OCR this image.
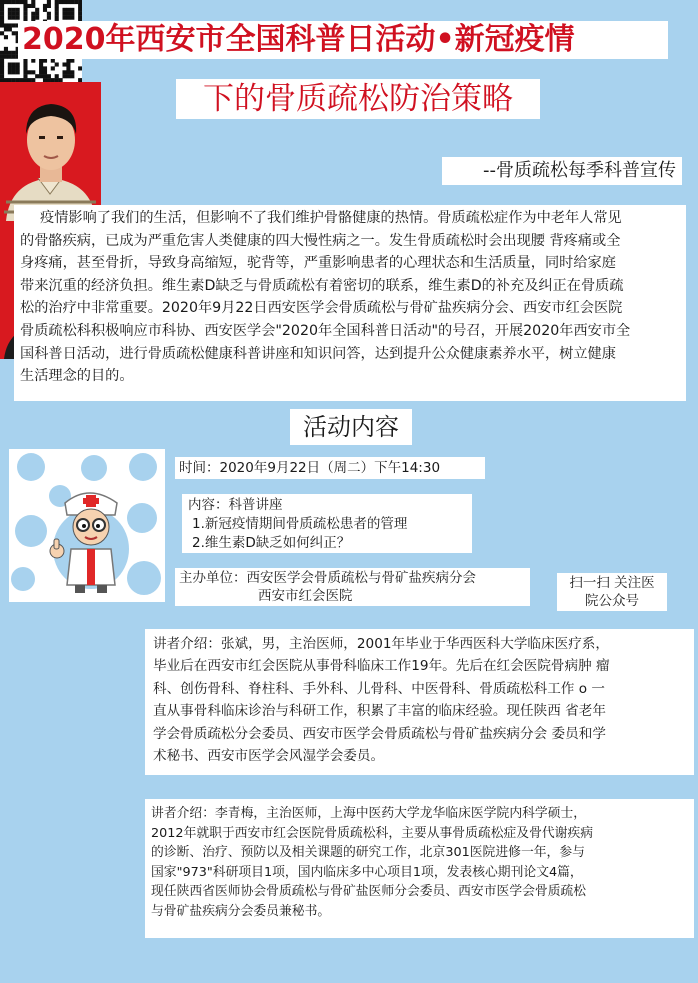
2020年西安市全国科普日活动•新冠疫情
下的骨质疏松防治策略
--骨质疏松每季科普宣传
疫情影响了我们的生活，但影响不了我们维护骨骼健康的热情。骨质疏松症作为中老年人常见
的骨骼疾病，已成为严重危害人类健康的四大慢性病之一。发生骨质疏松时会出现腰 背疼痛或全
身疼痛，甚至骨折，导致身高缩短，驼背等，严重影响患者的心理状态和生活质量，同时给家庭
带来沉重的经济负担。维生素D缺乏与骨质疏松有着密切的联系，维生素D的补充及纠正在骨质疏
松的治疗中非常重要。2020年9月22日西安医学会骨质疏松与骨矿盐疾病分会、西安市红会医院
骨质疏松科积极响应市科协、西安医学会"2020年全国科普日活动"的号召，开展2020年西安市全
国科普日活动，进行骨质疏松健康科普讲座和知识问答，达到提升公众健康素养水平，树立健康
生活理念的目的。
活动内容
时间：2020年9月22日（周二）下午14:30
内容：科普讲座
1.新冠疫情期间骨质疏松患者的管理
2.维生素D缺乏如何纠正？
主办单位：西安医学会骨质疏松与骨矿盐疾病分会
西安市红会医院
扫一扫 关注医
院公众号
讲者介绍：张斌，男，主治医师，2001年毕业于华西医科大学临床医疗系，
毕业后在西安市红会医院从事骨科临床工作19年。先后在红会医院骨病肿 瘤
科、创伤骨科、脊柱科、手外科、儿骨科、中医骨科、骨质疏松科工作 o 一
直从事骨科临床诊治与科研工作，积累了丰富的临床经验。现任陕西 省老年
学会骨质疏松分会委员、西安市医学会骨质疏松与骨矿盐疾病分会 委员和学
术秘书、西安市医学会风湿学会委员。
讲者介绍：李青梅，主治医师，上海中医药大学龙华临床医学院内科学硕士，
2012年就职于西安市红会医院骨质疏松科，主要从事骨质疏松症及骨代谢疾病
的诊断、治疗、预防以及相关课题的研究工作，北京301医院进修一年，参与
国家"973"科研项目1项，国内临床多中心项目1项，发表核心期刊论文4篇，
现任陕西省医师协会骨质疏松与骨矿盐医师分会委员、西安市医学会骨质疏松
与骨矿盐疾病分会委员兼秘书。
